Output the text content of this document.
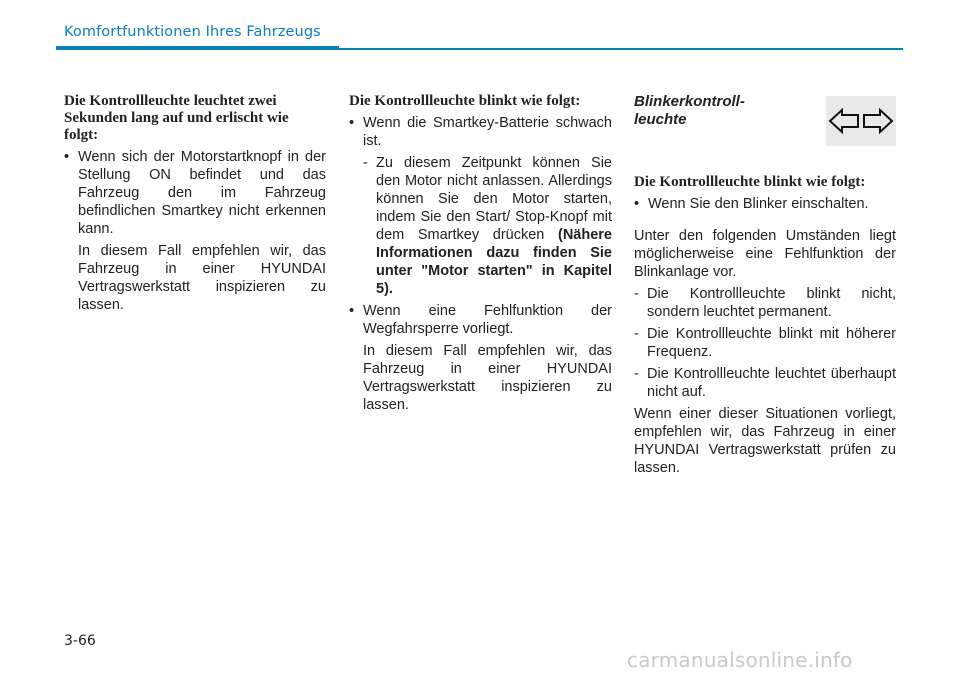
Komfortfunktionen Ihres Fahrzeugs

Die Kontrollleuchte leuchtet zwei Sekunden lang auf und erlischt wie folgt:

• Wenn sich der Motorstartknopf in der Stellung ON befindet und das Fahrzeug den im Fahrzeug befindlichen Smartkey nicht erkennen kann.

In diesem Fall empfehlen wir, das Fahrzeug in einer HYUNDAI Vertragswerkstatt inspizieren zu lassen.

Die Kontrollleuchte blinkt wie folgt:

• Wenn die Smartkey-Batterie schwach ist.
- Zu diesem Zeitpunkt können Sie den Motor nicht anlassen. Allerdings können Sie den Motor starten, indem Sie den Start/ Stop-Knopf mit dem Smartkey drücken (Nähere Informationen dazu finden Sie unter "Motor starten" in Kapitel 5).
• Wenn eine Fehlfunktion der Wegfahrsperre vorliegt.

In diesem Fall empfehlen wir, das Fahrzeug in einer HYUNDAI Vertragswerkstatt inspizieren zu lassen.

Blinkerkontroll-
leuchte

Die Kontrollleuchte blinkt wie folgt:

• Wenn Sie den Blinker einschalten.

Unter den folgenden Umständen liegt möglicherweise eine Fehlfunktion der Blinkanlage vor.

- Die Kontrollleuchte blinkt nicht, sondern leuchtet permanent.
- Die Kontrollleuchte blinkt mit höherer Frequenz.
- Die Kontrollleuchte leuchtet überhaupt nicht auf.

Wenn einer dieser Situationen vorliegt, empfehlen wir, das Fahrzeug in einer HYUNDAI Vertragswerkstatt prüfen zu lassen.

3-66
carmanualsonline.info
